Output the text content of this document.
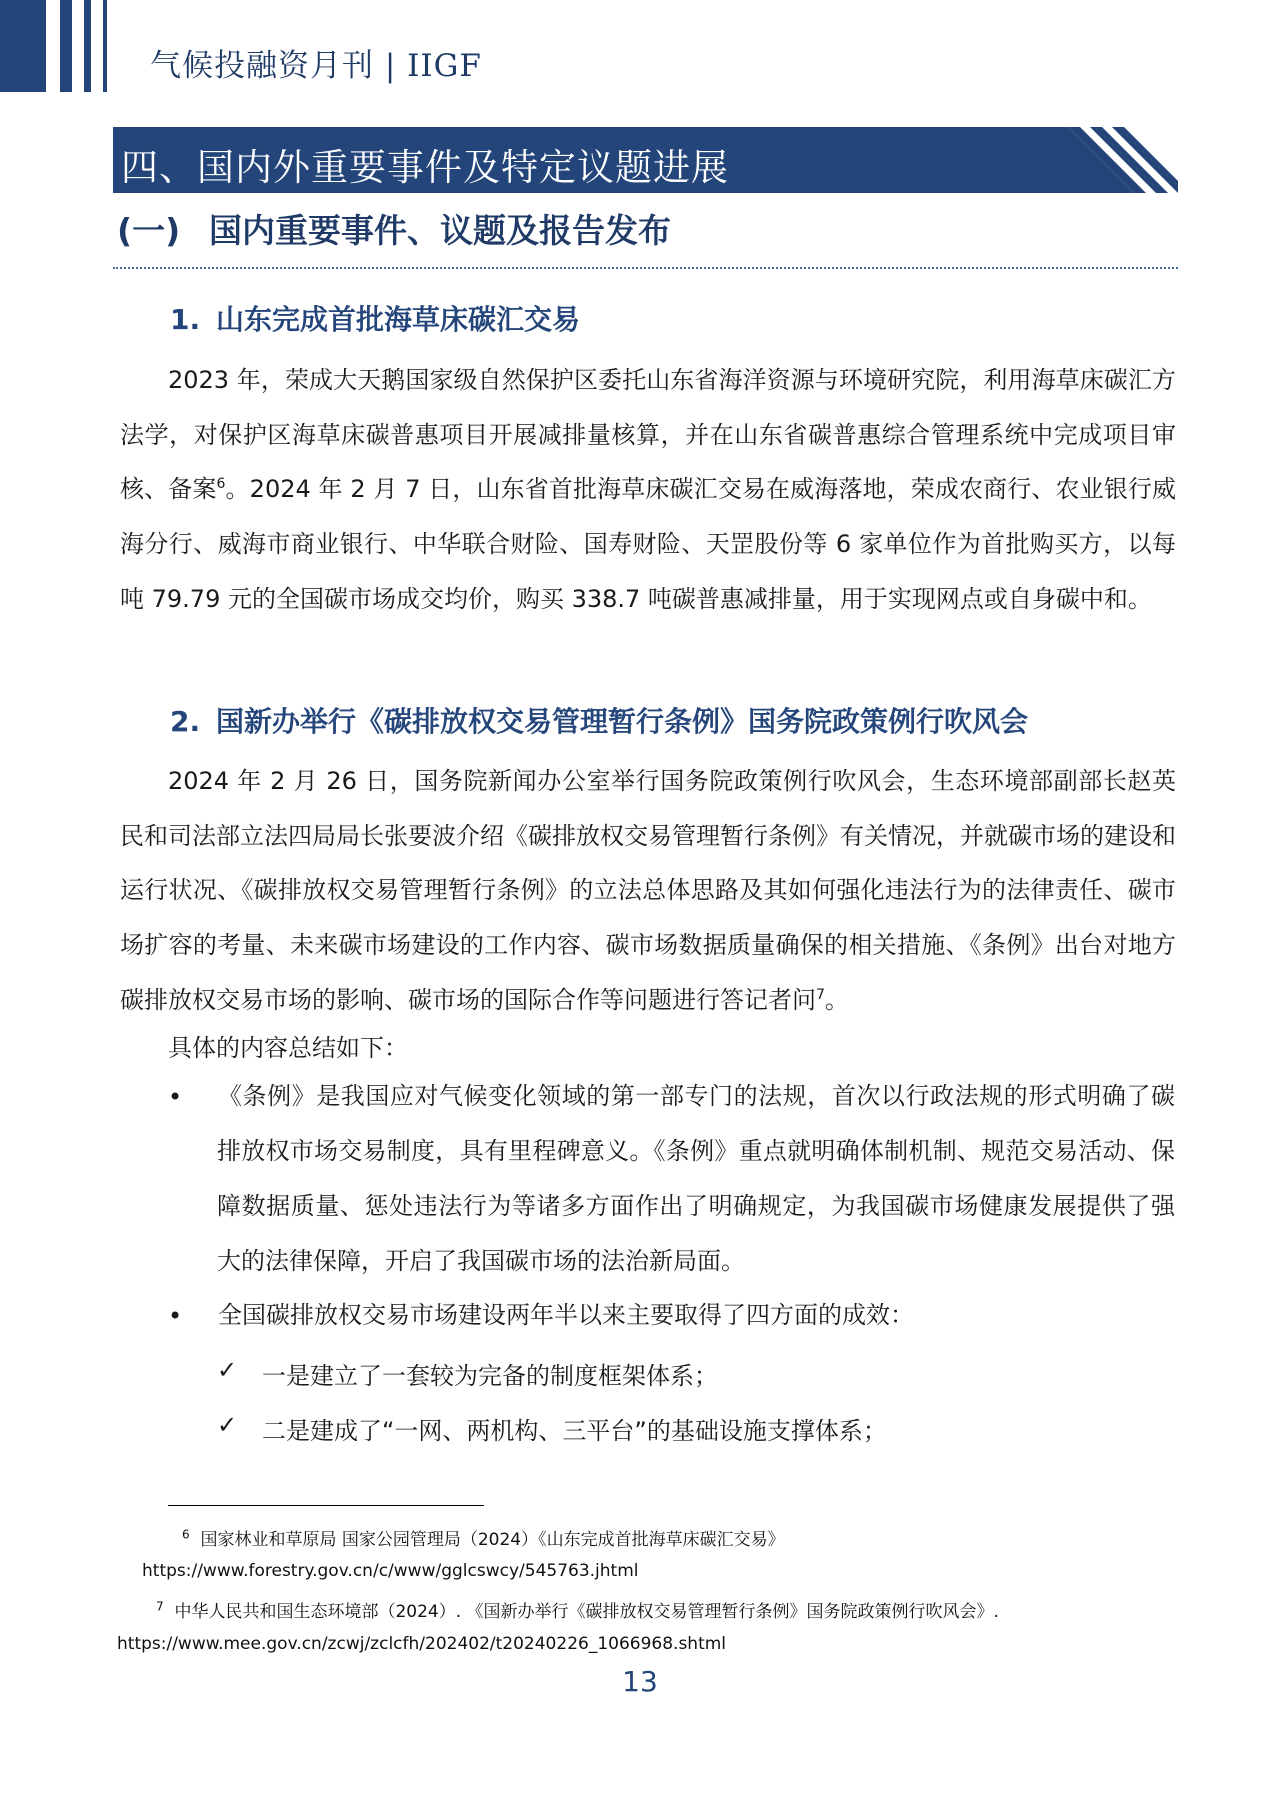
气候投融资月刊 | IIGF
四、国内外重要事件及特定议题进展
(一) 国内重要事件、议题及报告发布
1. 山东完成首批海草床碳汇交易
2023 年，荣成大天鹅国家级自然保护区委托山东省海洋资源与环境研究院，利用海草床碳汇方法学，对保护区海草床碳普惠项目开展减排量核算，并在山东省碳普惠综合管理系统中完成项目审核、备案$^6$。2024 年 2 月 7 日，山东省首批海草床碳汇交易在威海落地，荣成农商行、农业银行威海分行、威海市商业银行、中华联合财险、国寿财险、天罡股份等 6 家单位作为首批购买方，以每吨 79.79 元的全国碳市场成交均价，购买 338.7 吨碳普惠减排量，用于实现网点或自身碳中和。
2. 国新办举行《碳排放权交易管理暂行条例》国务院政策例行吹风会
2024 年 2 月 26 日，国务院新闻办公室举行国务院政策例行吹风会，生态环境部副部长赵英民和司法部立法四局局长张要波介绍《碳排放权交易管理暂行条例》有关情况，并就碳市场的建设和运行状况、《碳排放权交易管理暂行条例》的立法总体思路及其如何强化违法行为的法律责任、碳市场扩容的考量、未来碳市场建设的工作内容、碳市场数据质量确保的相关措施、《条例》出台对地方碳排放权交易市场的影响、碳市场的国际合作等问题进行答记者问$^7$。
具体的内容总结如下：
• 《条例》是我国应对气候变化领域的第一部专门的法规，首次以行政法规的形式明确了碳排放权市场交易制度，具有里程碑意义。《条例》重点就明确体制机制、规范交易活动、保障数据质量、惩处违法行为等诸多方面作出了明确规定，为我国碳市场健康发展提供了强大的法律保障，开启了我国碳市场的法治新局面。
• 全国碳排放权交易市场建设两年半以来主要取得了四方面的成效：
✓ 一是建立了一套较为完备的制度框架体系；
✓ 二是建成了“一网、两机构、三平台”的基础设施支撑体系；
$^6$ 国家林业和草原局 国家公园管理局（2024）《山东完成首批海草床碳汇交易》
https://www.forestry.gov.cn/c/www/gglcswcy/545763.jhtml
$^7$ 中华人民共和国生态环境部（2024）. 《国新办举行《碳排放权交易管理暂行条例》国务院政策例行吹风会》.
https://www.mee.gov.cn/zcwj/zclcfh/202402/t20240226_1066968.shtml
13
